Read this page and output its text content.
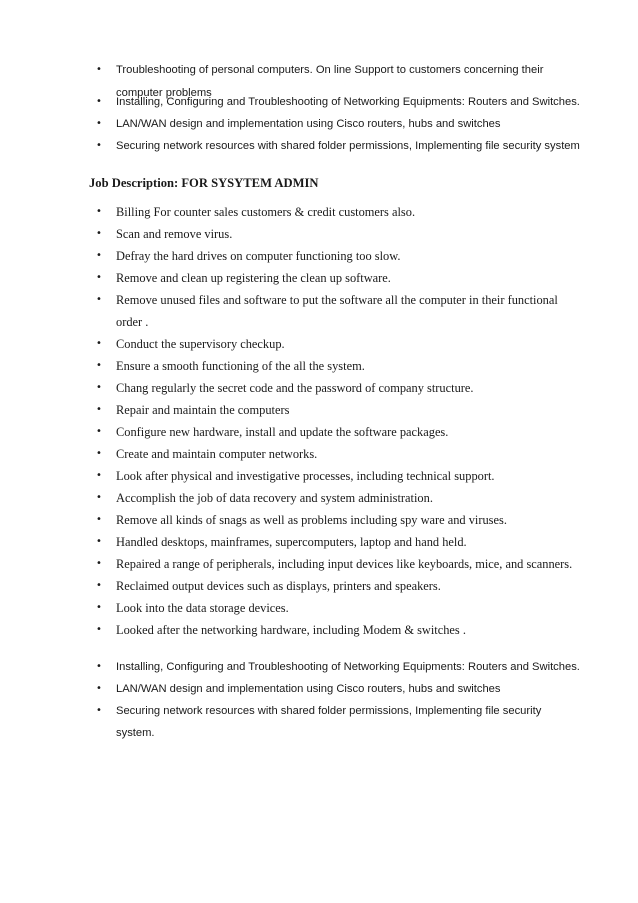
• Troubleshooting of personal computers. On line Support to customers concerning their
computer problems
• Installing, Configuring and Troubleshooting of Networking Equipments: Routers and Switches.
• LAN/WAN design and implementation using Cisco routers, hubs and switches
• Securing network resources with shared folder permissions, Implementing file security system
Job Description: FOR SYSYTEM ADMIN
• Billing For counter sales customers & credit customers also.
• Scan and remove virus.
• Defray the hard drives on computer functioning too slow.
• Remove and clean up registering the clean up software.
• Remove unused files and software to put the software all the computer in their functional
order .
• Conduct the supervisory checkup.
• Ensure a smooth functioning of the all the system.
• Chang regularly the secret code and the password of company structure.
• Repair and maintain the computers
• Configure new hardware, install and update the software packages.
• Create and maintain computer networks.
• Look after physical and investigative processes, including technical support.
• Accomplish the job of data recovery and system administration.
• Remove all kinds of snags as well as problems including spy ware and viruses.
• Handled desktops, mainframes, supercomputers, laptop and hand held.
• Repaired a range of peripherals, including input devices like keyboards, mice, and scanners.
• Reclaimed output devices such as displays, printers and speakers.
• Look into the data storage devices.
• Looked after the networking hardware, including Modem & switches .
• Installing, Configuring and Troubleshooting of Networking Equipments: Routers and Switches.
• LAN/WAN design and implementation using Cisco routers, hubs and switches
• Securing network resources with shared folder permissions, Implementing file security
system.
